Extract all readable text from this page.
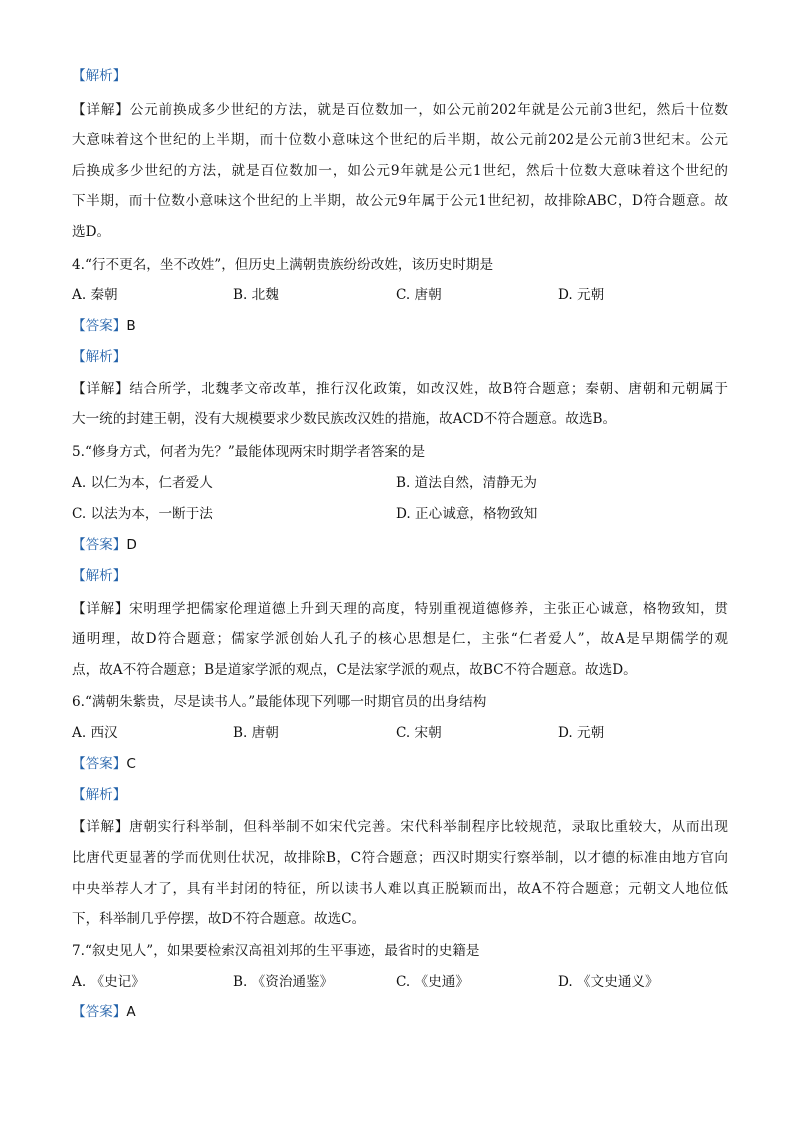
【解析】
【详解】公元前换成多少世纪的方法，就是百位数加一，如公元前202年就是公元前3世纪，然后十位数
大意味着这个世纪的上半期，而十位数小意味这个世纪的后半期，故公元前202是公元前3世纪末。公元
后换成多少世纪的方法，就是百位数加一，如公元9年就是公元1世纪，然后十位数大意味着这个世纪的
下半期，而十位数小意味这个世纪的上半期，故公元9年属于公元1世纪初，故排除ABC，D符合题意。故
选D。
4.“行不更名，坐不改姓”，但历史上满朝贵族纷纷改姓，该历史时期是
A. 秦朝	B. 北魏	C. 唐朝	D. 元朝
【答案】B
【解析】
【详解】结合所学，北魏孝文帝改革，推行汉化政策，如改汉姓，故B符合题意；秦朝、唐朝和元朝属于
大一统的封建王朝，没有大规模要求少数民族改汉姓的措施，故ACD不符合题意。故选B。
5.“修身方式，何者为先？”最能体现两宋时期学者答案的是
A. 以仁为本，仁者爱人	B. 道法自然，清静无为
C. 以法为本，一断于法	D. 正心诚意，格物致知
【答案】D
【解析】
【详解】宋明理学把儒家伦理道德上升到天理的高度，特别重视道德修养，主张正心诚意，格物致知，贯
通明理，故D符合题意；儒家学派创始人孔子的核心思想是仁，主张“仁者爱人”，故A是早期儒学的观
点，故A不符合题意；B是道家学派的观点，C是法家学派的观点，故BC不符合题意。故选D。
6.“满朝朱紫贵，尽是读书人。”最能体现下列哪一时期官员的出身结构
A. 西汉	B. 唐朝	C. 宋朝	D. 元朝
【答案】C
【解析】
【详解】唐朝实行科举制，但科举制不如宋代完善。宋代科举制程序比较规范，录取比重较大，从而出现
比唐代更显著的学而优则仕状况，故排除B，C符合题意；西汉时期实行察举制，以才德的标准由地方官向
中央举荐人才了，具有半封闭的特征，所以读书人难以真正脱颖而出，故A不符合题意；元朝文人地位低
下，科举制几乎停摆，故D不符合题意。故选C。
7.“叙史见人”，如果要检索汉高祖刘邦的生平事迹，最省时的史籍是
A. 《史记》	B. 《资治通鉴》	C. 《史通》	D. 《文史通义》
【答案】A
